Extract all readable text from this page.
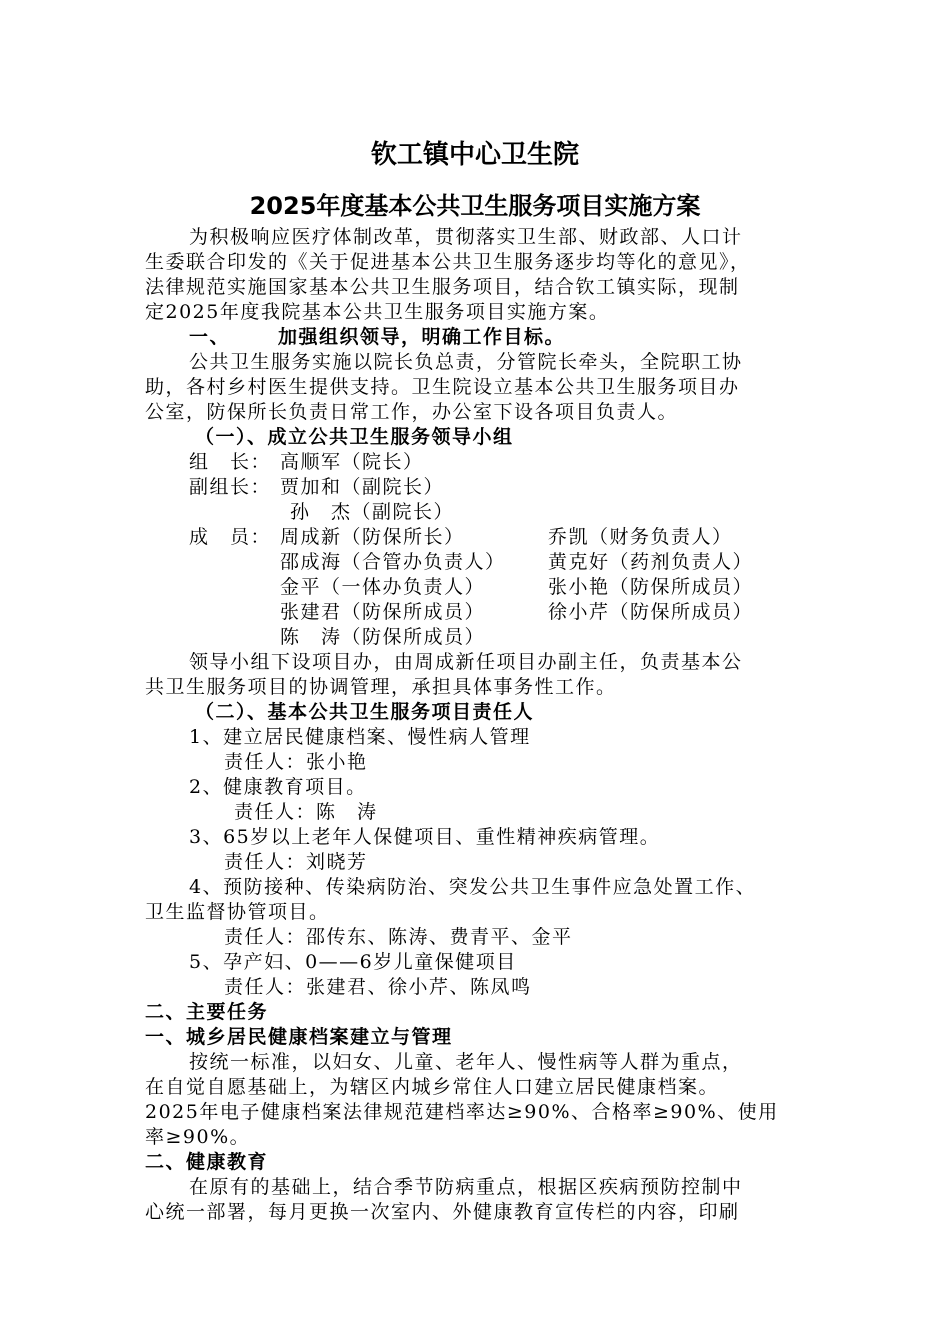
钦工镇中心卫生院
2025年度基本公共卫生服务项目实施方案
为积极响应医疗体制改革，贯彻落实卫生部、财政部、人口计
生委联合印发的《关于促进基本公共卫生服务逐步均等化的意见》，
法律规范实施国家基本公共卫生服务项目，结合钦工镇实际，现制
定2025年度我院基本公共卫生服务项目实施方案。
一、	加强组织领导，明确工作目标。
公共卫生服务实施以院长负总责，分管院长牵头，全院职工协
助，各村乡村医生提供支持。卫生院设立基本公共卫生服务项目办
公室，防保所长负责日常工作，办公室下设各项目负责人。
（一）、成立公共卫生服务领导小组
组　长： 高顺军（院长）
副组长： 贾加和（副院长）
孙　杰（副院长）
成　员： 周成新（防保所长）
邵成海（合管办负责人）
金平（一体办负责人）
张建君（防保所成员）
陈　涛（防保所成员）
乔凯（财务负责人）
黄克好（药剂负责人）
张小艳（防保所成员）
徐小芹（防保所成员）
领导小组下设项目办，由周成新任项目办副主任，负责基本公
共卫生服务项目的协调管理，承担具体事务性工作。
（二）、基本公共卫生服务项目责任人
1、建立居民健康档案、慢性病人管理
责任人：张小艳
2、健康教育项目。
责任人：陈　涛
3、65岁以上老年人保健项目、重性精神疾病管理。
责任人：刘晓芳
4、预防接种、传染病防治、突发公共卫生事件应急处置工作、
卫生监督协管项目。
责任人：邵传东、陈涛、费青平、金平
5、孕产妇、0——6岁儿童保健项目
责任人：张建君、徐小芹、陈凤鸣
二、主要任务
一、城乡居民健康档案建立与管理
按统一标准，以妇女、儿童、老年人、慢性病等人群为重点，
在自觉自愿基础上，为辖区内城乡常住人口建立居民健康档案。
2025年电子健康档案法律规范建档率达≥90%、合格率≥90%、使用
率≥90%。
二、健康教育
在原有的基础上，结合季节防病重点，根据区疾病预防控制中
心统一部署，每月更换一次室内、外健康教育宣传栏的内容，印刷
